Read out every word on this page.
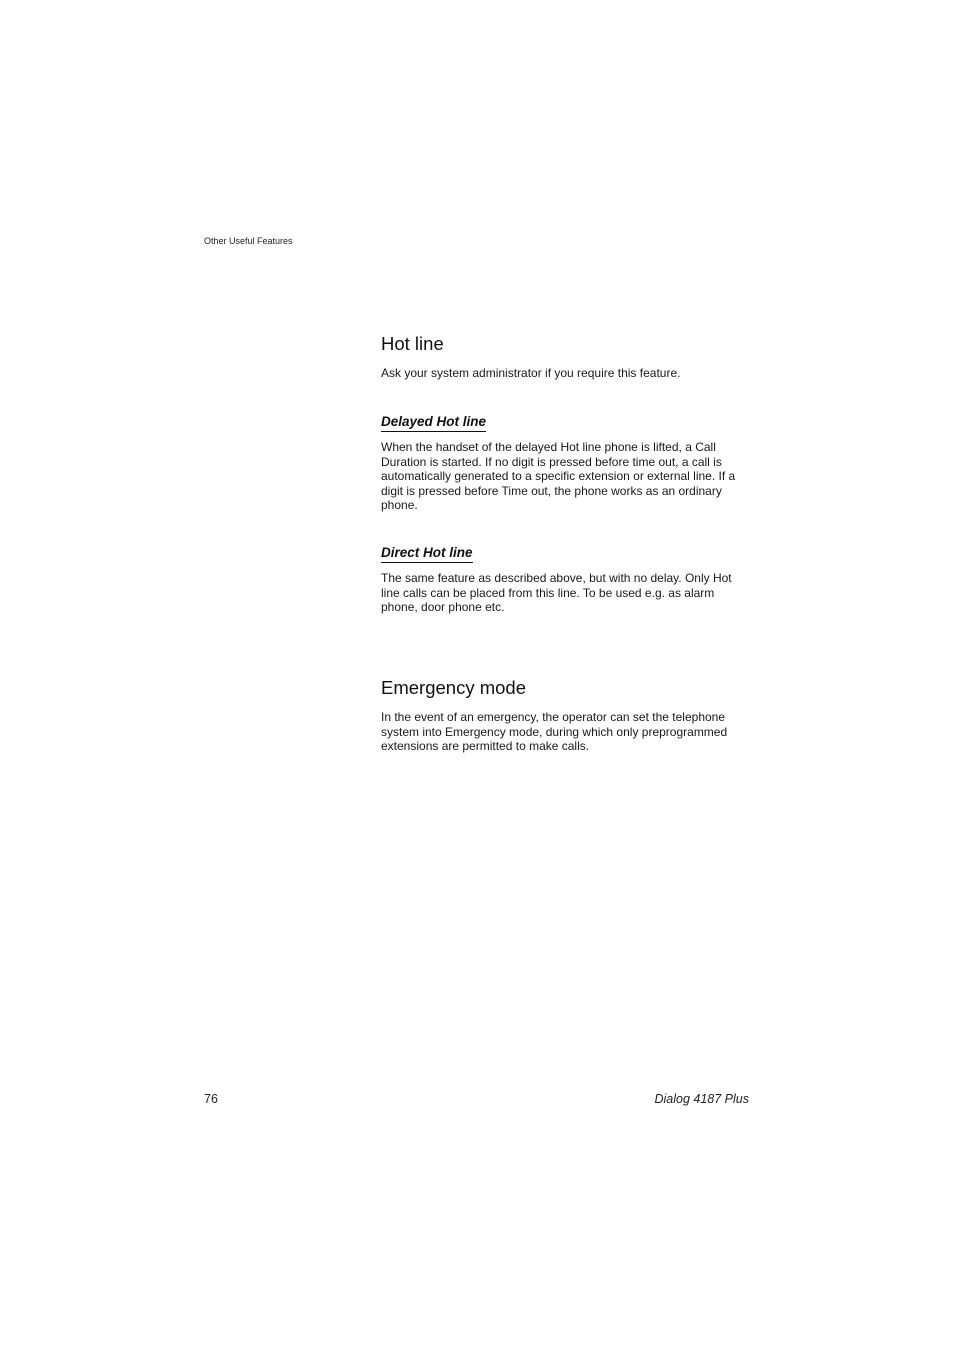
Other Useful Features
Hot line

Ask your system administrator if you require this feature.

Delayed Hot line

When the handset of the delayed Hot line phone is lifted, a Call Duration is started. If no digit is pressed before time out, a call is automatically generated to a specific extension or external line. If a digit is pressed before Time out, the phone works as an ordinary phone.

Direct Hot line

The same feature as described above, but with no delay. Only Hot line calls can be placed from this line. To be used e.g. as alarm phone, door phone etc.

Emergency mode

In the event of an emergency, the operator can set the telephone system into Emergency mode, during which only preprogrammed extensions are permitted to make calls.

76	Dialog 4187 Plus
